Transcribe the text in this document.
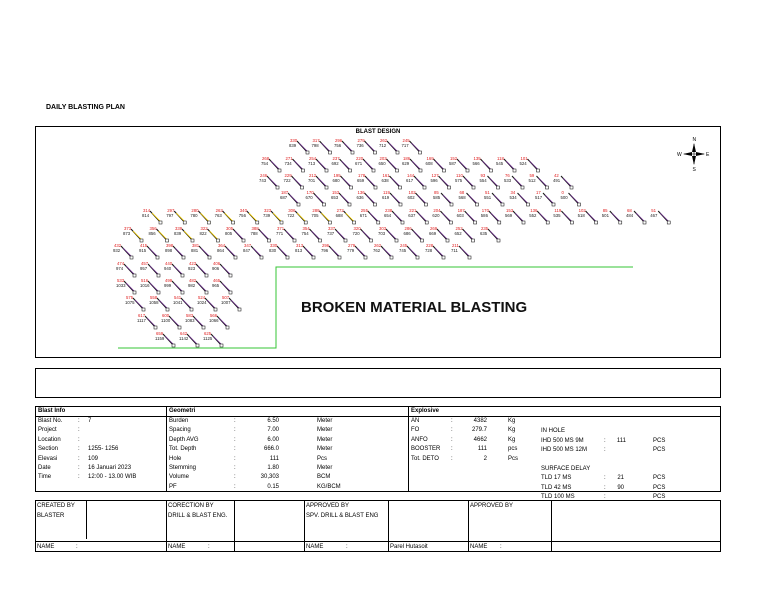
DAILY BLASTING PLAN
BLAST DESIGN
BROKEN MATERIAL BLASTING
N
S
E
W
330
839
317
798
296
756
279
736
262
712
245
717
268
754
271
734
254
713
237
692
220
671
203
650
186
629
169
608
152
587
135
566
118
545
101
524
246
743
229
722
212
701
195
680
178
659
161
638
144
617
127
596
110
575
93
554
76
533
59
512
42
491
187
687
170
670
153
653
136
636
119
619
102
602
85
585
68
568
51
551
34
534
17
517
0
500
314
814
297
797
280
780
263
763
340
756
323
739
306
722
289
705
272
688
255
671
238
654
221
637
204
620
187
603
170
586
153
569
136
552
119
535
102
518
85
501
68
484
51
467
373
873
356
856
339
839
322
822
305
805
388
788
371
771
354
754
337
737
320
720
303
703
286
686
269
669
252
652
235
635
432
932
415
915
398
898
381
881
364
864
347
847
330
830
313
813
296
796
279
779
262
762
245
745
228
728
211
711
474
974
457
957
440
940
423
923
406
906
533
1033
516
1016
499
999
482
982
465
965
575
1075
558
1058
541
1041
524
1024
507
1007
617
1117
600
1100
583
1083
566
1066
659
1159
642
1142
625
1125
Blast Info	Geometri	Explosive
Blast No.	: 7
Project	:
Location	:
Section	: 1255- 1256
Elevasi	: 109
Date	: 16 Januari 2023
Time	: 12:00 - 13.00 WIB
Burden	:	6.50	Meter
Spacing	:	7.00	Meter
Depth AVG	:	6.00	Meter
Tot. Depth	:	666.0	Meter
Hole	:	111	Pcs
Stemming	:	1.80	Meter
Volume	:	30,303	BCM
PF	:	0.15	KG/BCM
AN	:	4382	Kg
FO	:	279.7	Kg
ANFO	:	4662	Kg
BOOSTER :	111	pcs
Tot. DETO :	2	Pcs
IN HOLE
IHD 500 MS 9M	: 111	PCS
IHD 500 MS 12M	:	PCS
SURFACE DELAY
TLD 17 MS	: 21	PCS
TLD 42 MS	: 90	PCS
TLD 100 MS	:	PCS
CREATED BY
BLASTER
CORECTION BY
DRILL & BLAST ENG.
APPROVED BY
SPV. DRILL & BLAST ENG
APPROVED BY
NAME	:	NAME	:	NAME	:	Parel Hutasoit	NAME :
